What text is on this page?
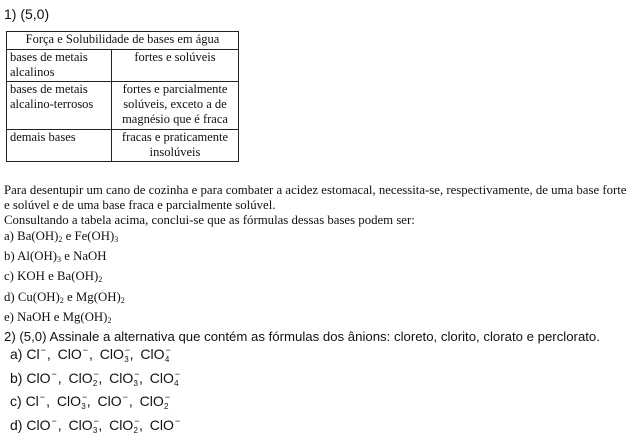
1) (5,0)
Força e Solubilidade de bases em água	
bases de metais alcalinos	fortes e solúveis
bases de metais alcalino-terrosos	fortes e parcialmente solúveis, exceto a de magnésio que é fraca
demais bases	fracas e praticamente insolúveis

Para desentupir um cano de cozinha e para combater a acidez estomacal, necessita-se, respectivamente, de uma base forte e solúvel e de uma base fraca e parcialmente solúvel.

Consultando a tabela acima, conclui-se que as fórmulas dessas bases podem ser:

a) $Ba(OH)_2$ e $Fe(OH)_3$
b) $Al(OH)_3$ e NaOH
c) KOH e $Ba(OH)_2$
d) $Cu(OH)_2$ e $Mg(OH)_2$
e) NaOH e $Mg(OH)_2$
2) (5,0) Assinale a alternativa que contém as fórmulas dos ânions: cloreto, clorito, clorato e perclorato.
a) Cl−, ClO−, ClO−$_3$, ClO−$_4$
b) ClO−, ClO−$_2$, ClO−$_3$, ClO−$_4$
c) Cl−, ClO−$_3$, ClO−, ClO−$_2$
d) ClO−, ClO−$_3$, ClO−$_2$, ClO−
